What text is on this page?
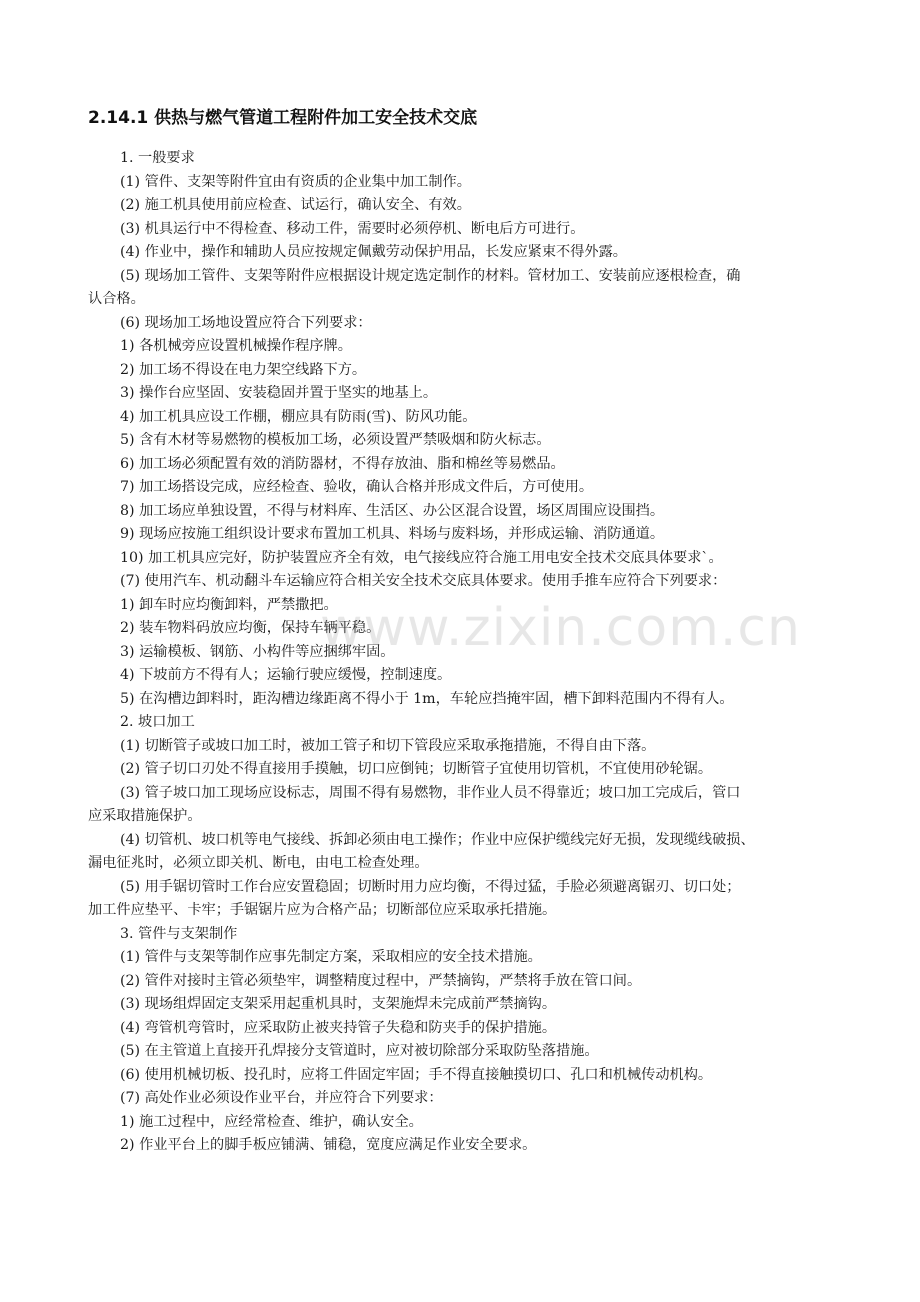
2.14.1 供热与燃气管道工程附件加工安全技术交底
1. 一般要求
(1) 管件、支架等附件宜由有资质的企业集中加工制作。
(2) 施工机具使用前应检查、试运行，确认安全、有效。
(3) 机具运行中不得检查、移动工件，需要时必须停机、断电后方可进行。
(4) 作业中，操作和辅助人员应按规定佩戴劳动保护用品，长发应紧束不得外露。
(5) 现场加工管件、支架等附件应根据设计规定选定制作的材料。管材加工、安装前应逐根检查，确
认合格。
(6) 现场加工场地设置应符合下列要求：
1) 各机械旁应设置机械操作程序牌。
2) 加工场不得设在电力架空线路下方。
3) 操作台应坚固、安装稳固并置于坚实的地基上。
4) 加工机具应设工作棚，棚应具有防雨(雪)、防风功能。
5) 含有木材等易燃物的模板加工场，必须设置严禁吸烟和防火标志。
6) 加工场必须配置有效的消防器材，不得存放油、脂和棉丝等易燃品。
7) 加工场搭设完成，应经检查、验收，确认合格并形成文件后，方可使用。
8) 加工场应单独设置，不得与材料库、生活区、办公区混合设置，场区周围应设围挡。
9) 现场应按施工组织设计要求布置加工机具、料场与废料场，并形成运输、消防通道。
10) 加工机具应完好，防护装置应齐全有效，电气接线应符合施工用电安全技术交底具体要求`。
(7) 使用汽车、机动翻斗车运输应符合相关安全技术交底具体要求。使用手推车应符合下列要求：
1) 卸车时应均衡卸料，严禁撒把。
2) 装车物料码放应均衡，保持车辆平稳。
3) 运输模板、钢筋、小构件等应捆绑牢固。
4) 下坡前方不得有人；运输行驶应缓慢，控制速度。
5) 在沟槽边卸料时，距沟槽边缘距离不得小于 1m，车轮应挡掩牢固，槽下卸料范围内不得有人。
2. 坡口加工
(1) 切断管子或坡口加工时，被加工管子和切下管段应采取承拖措施，不得自由下落。
(2) 管子切口刃处不得直接用手摸触，切口应倒钝；切断管子宜使用切管机，不宜使用砂轮锯。
(3) 管子坡口加工现场应设标志，周围不得有易燃物，非作业人员不得靠近；坡口加工完成后，管口
应采取措施保护。
(4) 切管机、坡口机等电气接线、拆卸必须由电工操作；作业中应保护缆线完好无损，发现缆线破损、
漏电征兆时，必须立即关机、断电，由电工检查处理。
(5) 用手锯切管时工作台应安置稳固；切断时用力应均衡，不得过猛，手脸必须避离锯刃、切口处；
加工件应垫平、卡牢；手锯锯片应为合格产品；切断部位应采取承托措施。
3. 管件与支架制作
(1) 管件与支架等制作应事先制定方案，采取相应的安全技术措施。
(2) 管件对接时主管必须垫牢，调整精度过程中，严禁摘钩，严禁将手放在管口间。
(3) 现场组焊固定支架采用起重机具时，支架施焊未完成前严禁摘钩。
(4) 弯管机弯管时，应采取防止被夹持管子失稳和防夹手的保护措施。
(5) 在主管道上直接开孔焊接分支管道时，应对被切除部分采取防坠落措施。
(6) 使用机械切板、投孔时，应将工件固定牢固；手不得直接触摸切口、孔口和机械传动机构。
(7) 高处作业必须设作业平台，并应符合下列要求：
1) 施工过程中，应经常检查、维护，确认安全。
2) 作业平台上的脚手板应铺满、铺稳，宽度应满足作业安全要求。
www.zixin.com.cn
